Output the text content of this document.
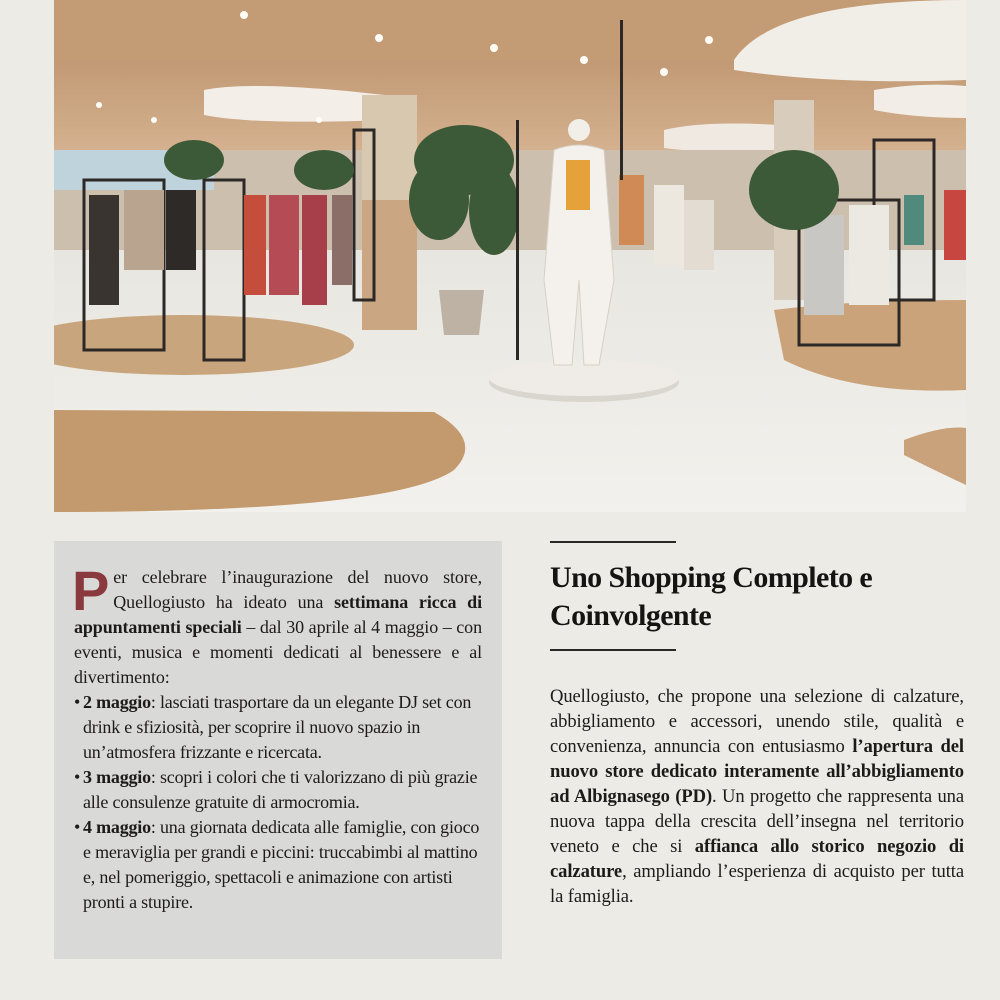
Per celebrare l’inaugurazione del nuovo store, Quellogiusto ha ideato una settimana ricca di appuntamenti speciali – dal 30 aprile al 4 maggio – con eventi, musica e momenti dedicati al benessere e al divertimento:

• 2 maggio: lasciati trasportare da un elegante DJ set con drink e sfiziosità, per scoprire il nuovo spazio in un’atmosfera frizzante e ricercata.
• 3 maggio: scopri i colori che ti valorizzano di più grazie alle consulenze gratuite di armocromia.
• 4 maggio: una giornata dedicata alle famiglie, con gioco e meraviglia per grandi e piccini: truccabimbi al mattino e, nel pomeriggio, spettacoli e animazione con artisti pronti a stupire.
Uno Shopping Completo e Coinvolgente

Quellogiusto, che propone una selezione di calzature, abbigliamento e accessori, unendo stile, qualità e convenienza, annuncia con entusiasmo l’apertura del nuovo store dedicato interamente all’abbigliamento ad Albignasego (PD). Un progetto che rappresenta una nuova tappa della crescita dell’insegna nel territorio veneto e che si affianca allo storico negozio di calzature, ampliando l’esperienza di acquisto per tutta la famiglia.
